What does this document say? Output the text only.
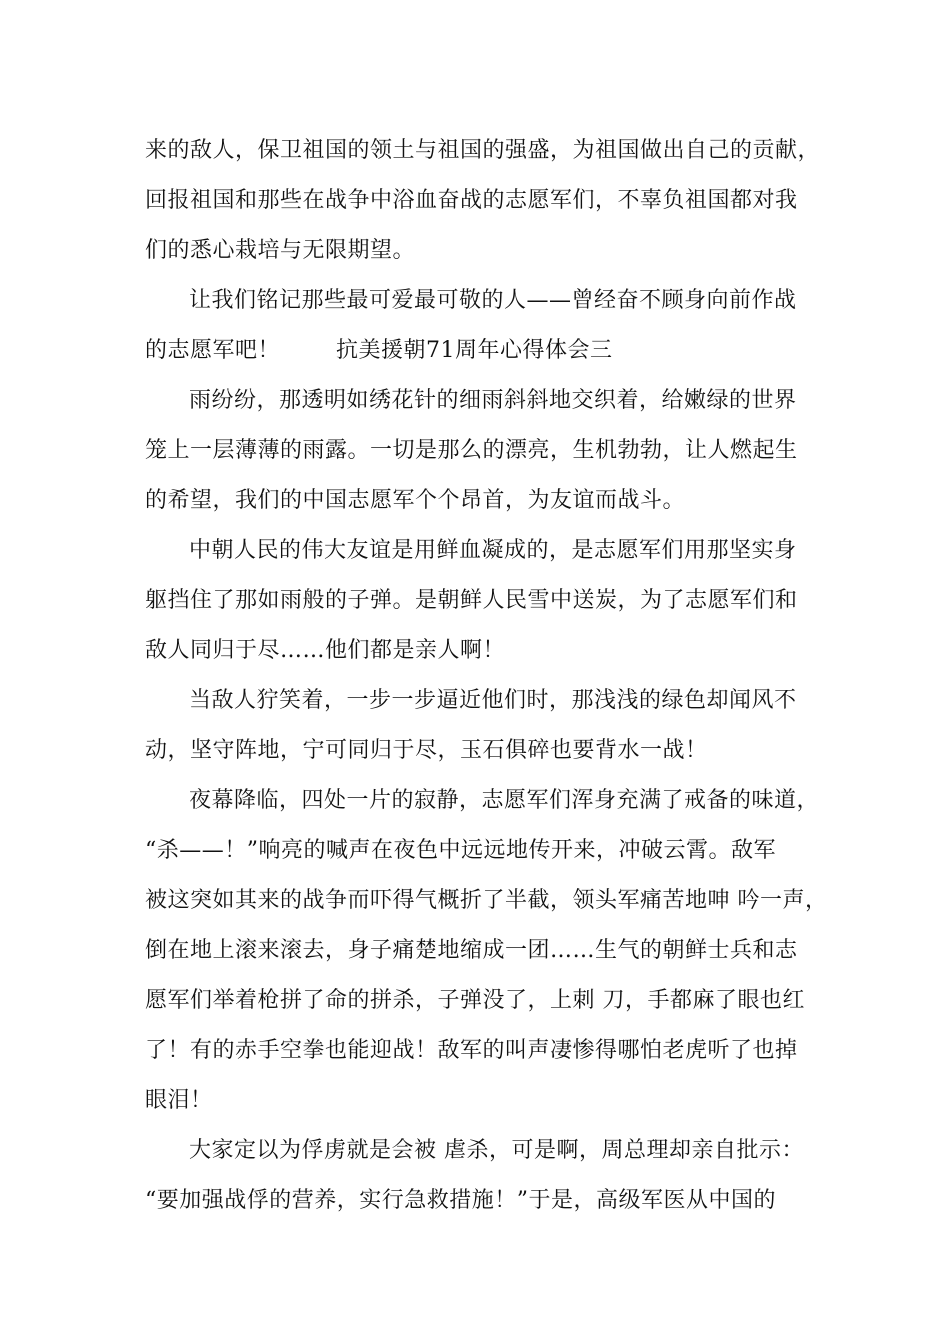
来的敌人，保卫祖国的领土与祖国的强盛，为祖国做出自己的贡献，
回报祖国和那些在战争中浴血奋战的志愿军们，不辜负祖国都对我
们的悉心栽培与无限期望。
让我们铭记那些最可爱最可敬的人——曾经奋不顾身向前作战
的志愿军吧！	抗美援朝71周年心得体会三
雨纷纷，那透明如绣花针的细雨斜斜地交织着，给嫩绿的世界
笼上一层薄薄的雨露。一切是那么的漂亮，生机勃勃，让人燃起生
的希望，我们的中国志愿军个个昂首，为友谊而战斗。
中朝人民的伟大友谊是用鲜血凝成的，是志愿军们用那坚实身
躯挡住了那如雨般的子弹。是朝鲜人民雪中送炭，为了志愿军们和
敌人同归于尽……他们都是亲人啊！
当敌人狞笑着，一步一步逼近他们时，那浅浅的绿色却闻风不
动，坚守阵地，宁可同归于尽，玉石俱碎也要背水一战！
夜幕降临，四处一片的寂静，志愿军们浑身充满了戒备的味道，
“杀——！”响亮的喊声在夜色中远远地传开来，冲破云霄。敌军
被这突如其来的战争而吓得气概折了半截，领头军痛苦地呻 吟一声，
倒在地上滚来滚去，身子痛楚地缩成一团……生气的朝鲜士兵和志
愿军们举着枪拼了命的拼杀，子弹没了，上刺 刀，手都麻了眼也红
了！有的赤手空拳也能迎战！敌军的叫声凄惨得哪怕老虎听了也掉
眼泪！
大家定以为俘虏就是会被 虐杀，可是啊，周总理却亲自批示：
“要加强战俘的营养，实行急救措施！”于是，高级军医从中国的
